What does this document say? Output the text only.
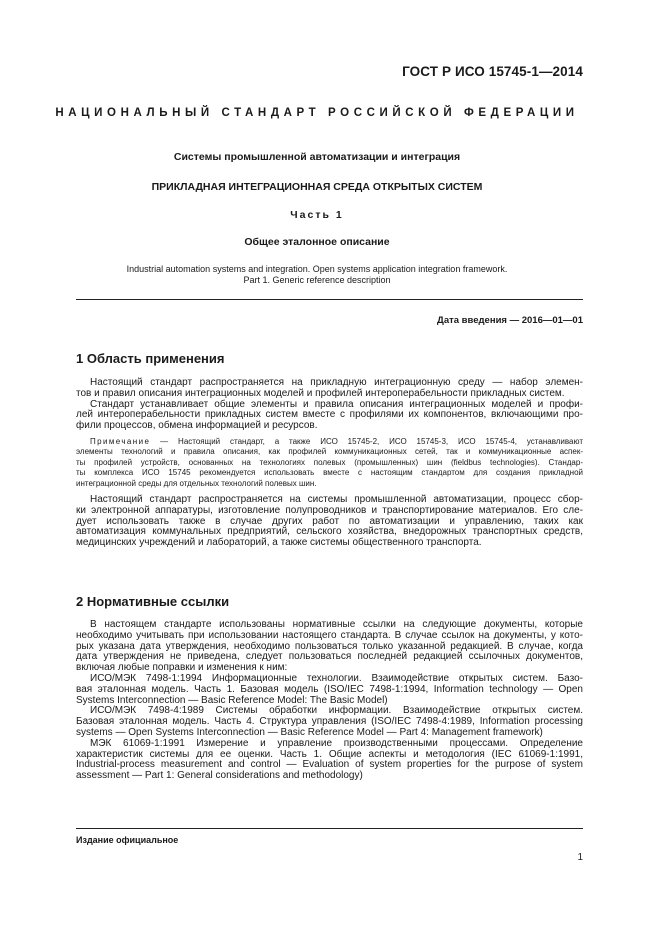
ГОСТ Р ИСО 15745-1—2014
НАЦИОНАЛЬНЫЙ СТАНДАРТ РОССИЙСКОЙ ФЕДЕРАЦИИ
Системы промышленной автоматизации и интеграция
ПРИКЛАДНАЯ ИНТЕГРАЦИОННАЯ СРЕДА ОТКРЫТЫХ СИСТЕМ
Часть 1
Общее эталонное описание
Industrial automation systems and integration. Open systems application integration framework.
Part 1. Generic reference description
Дата введения — 2016—01—01
1 Область применения

Настоящий стандарт распространяется на прикладную интеграционную среду — набор элемен-
тов и правил описания интеграционных моделей и профилей интероперабельности прикладных систем.

Стандарт устанавливает общие элементы и правила описания интеграционных моделей и профи-
лей интероперабельности прикладных систем вместе с профилями их компонентов, включающими про-
фили процессов, обмена информацией и ресурсов.

Примечание — Настоящий стандарт, а также ИСО 15745-2, ИСО 15745-3, ИСО 15745-4, устанавливают
элементы технологий и правила описания, как профилей коммуникационных сетей, так и коммуникационные аспек-
ты профилей устройств, основанных на технологиях полевых (промышленных) шин (fieldbus technologies). Стандар-
ты комплекса ИСО 15745 рекомендуется использовать вместе с настоящим стандартом для создания прикладной
интеграционной среды для отдельных технологий полевых шин.

Настоящий стандарт распространяется на системы промышленной автоматизации, процесс сбор-
ки электронной аппаратуры, изготовление полупроводников и транспортирование материалов. Его сле-
дует использовать также в случае других работ по автоматизации и управлению, таких как
автоматизация коммунальных предприятий, сельского хозяйства, внедорожных транспортных средств,
медицинских учреждений и лабораторий, а также системы общественного транспорта.

2 Нормативные ссылки

В настоящем стандарте использованы нормативные ссылки на следующие документы, которые
необходимо учитывать при использовании настоящего стандарта. В случае ссылок на документы, у кото-
рых указана дата утверждения, необходимо пользоваться только указанной редакцией. В случае, когда
дата утверждения не приведена, следует пользоваться последней редакцией ссылочных документов,
включая любые поправки и изменения к ним:

ИСО/МЭК 7498-1:1994 Информационные технологии. Взаимодействие открытых систем. Базо-
вая эталонная модель. Часть 1. Базовая модель (ISO/IEC 7498-1:1994, Information technology — Open
Systems Interconnection — Basic Reference Model: The Basic Model)

ИСО/МЭК 7498-4:1989 Системы обработки информации. Взаимодействие открытых систем.
Базовая эталонная модель. Часть 4. Структура управления (ISO/IEC 7498-4:1989, Information processing
systems — Open Systems Interconnection — Basic Reference Model — Part 4: Management framework)

МЭК 61069-1:1991 Измерение и управление производственными процессами. Определение
характеристик системы для ее оценки. Часть 1. Общие аспекты и методология (IEC 61069-1:1991,
Industrial-process measurement and control — Evaluation of system properties for the purpose of system
assessment — Part 1: General considerations and methodology)

Издание официальное
1
